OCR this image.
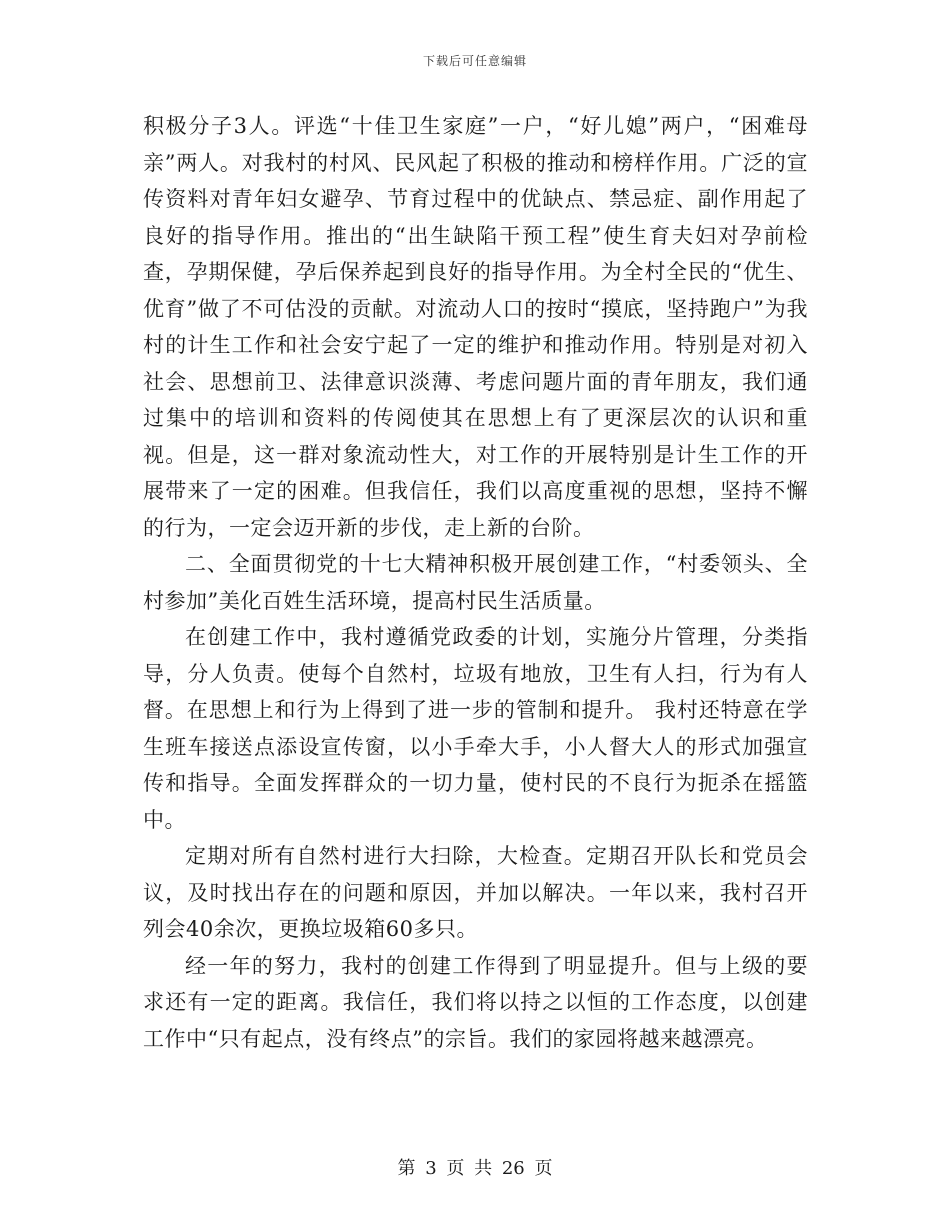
下载后可任意编辑

积极分子3人。评选“十佳卫生家庭”一户，“好儿媳”两户，“困难母亲”两人。对我村的村风、民风起了积极的推动和榜样作用。广泛的宣传资料对青年妇女避孕、节育过程中的优缺点、禁忌症、副作用起了良好的指导作用。推出的“出生缺陷干预工程”使生育夫妇对孕前检查，孕期保健，孕后保养起到良好的指导作用。为全村全民的“优生、优育”做了不可估没的贡献。对流动人口的按时“摸底，坚持跑户”为我村的计生工作和社会安宁起了一定的维护和推动作用。特别是对初入社会、思想前卫、法律意识淡薄、考虑问题片面的青年朋友，我们通过集中的培训和资料的传阅使其在思想上有了更深层次的认识和重视。但是，这一群对象流动性大，对工作的开展特别是计生工作的开展带来了一定的困难。但我信任，我们以高度重视的思想，坚持不懈的行为，一定会迈开新的步伐，走上新的台阶。

二、全面贯彻党的十七大精神积极开展创建工作，“村委领头、全村参加”美化百姓生活环境，提高村民生活质量。

在创建工作中，我村遵循党政委的计划，实施分片管理，分类指导，分人负责。使每个自然村，垃圾有地放，卫生有人扫，行为有人督。在思想上和行为上得到了进一步的管制和提升。 我村还特意在学生班车接送点添设宣传窗，以小手牵大手，小人督大人的形式加强宣传和指导。全面发挥群众的一切力量，使村民的不良行为扼杀在摇篮中。

定期对所有自然村进行大扫除，大检查。定期召开队长和党员会议，及时找出存在的问题和原因，并加以解决。一年以来，我村召开列会40余次，更换垃圾箱60多只。

经一年的努力，我村的创建工作得到了明显提升。但与上级的要求还有一定的距离。我信任，我们将以持之以恒的工作态度，以创建工作中“只有起点，没有终点”的宗旨。我们的家园将越来越漂亮。

第 3 页 共 26 页
